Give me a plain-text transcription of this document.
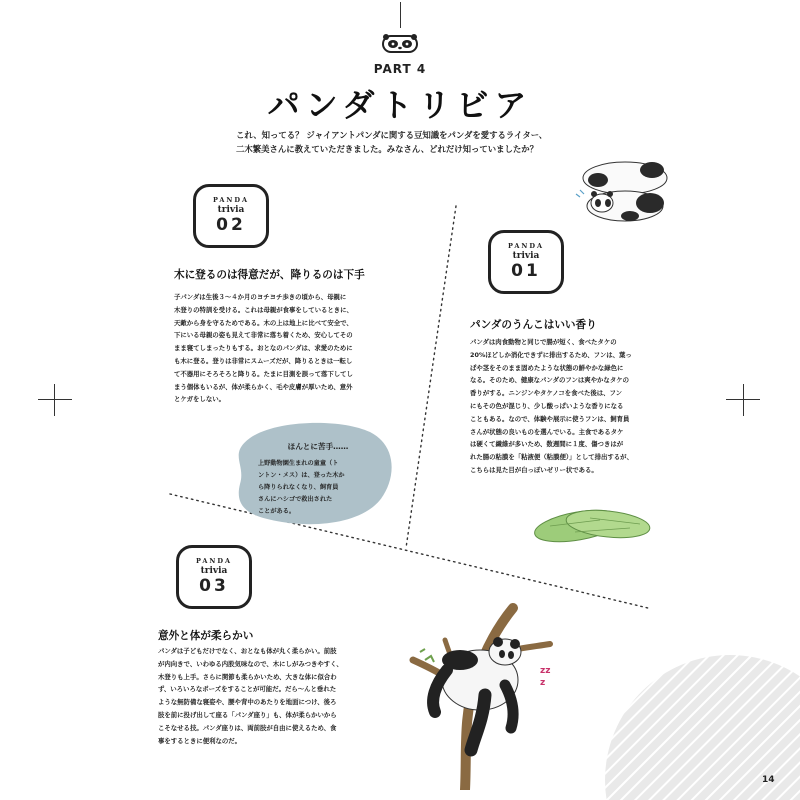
PART 4
パンダトリビア
これ、知ってる？ ジャイアントパンダに関する豆知識をパンダを愛するライター、
二木繁美さんに教えていただきました。みなさん、どれだけ知っていましたか？
PANDA
trivia
02
木に登るのは得意だが、降りるのは下手
子パンダは生後３～４か月のヨチヨチ歩きの頃から、母親に
木登りの特訓を受ける。これは母親が食事をしているときに、
天敵から身を守るためである。木の上は地上に比べて安全で、
下にいる母親の姿も見えて非常に落ち着くため、安心してその
まま寝てしまったりもする。おとなのパンダは、求愛のために
も木に登る。登りは非常にスムーズだが、降りるときは一転し
て不器用にそろそろと降りる。たまに目測を誤って落下してし
まう個体もいるが、体が柔らかく、毛や皮膚が厚いため、意外
とケガをしない。
ほんとに苦手……
上野動物園生まれの童童（ト
ントン・メス）は、登った木か
ら降りられなくなり、飼育員
さんにハシゴで救出された
ことがある。
PANDA
trivia
01
パンダのうんこはいい香り
パンダは肉食動物と同じで腸が短く、食べたタケの
20%ほどしか消化できずに排出するため、フンは、葉っ
ぱや茎をそのまま固めたような状態の鮮やかな緑色に
なる。そのため、健康なパンダのフンは爽やかなタケの
香りがする。ニンジンやタケノコを食べた後は、フン
にもその色が混じり、少し酸っぱいような香りになる
こともある。なので、体験や展示に使うフンは、飼育員
さんが状態の良いものを選んでいる。主食であるタケ
は硬くて繊維が多いため、数週間に１度、傷つきはが
れた腸の粘膜を「粘液便（粘膜便）」として排出するが、
こちらは見た目が白っぽいゼリー状である。
PANDA
trivia
03
意外と体が柔らかい
パンダは子どもだけでなく、おとなも体が丸く柔らかい。前肢
が内向きで、いわゆる内股気味なので、木にしがみつきやすく、
木登りも上手。さらに関節も柔らかいため、大きな体に似合わ
ず、いろいろなポーズをすることが可能だ。だら～んと垂れた
ような無防備な寝姿や、腰や背中のあたりを地面につけ、後ろ
肢を前に投げ出して座る「パンダ座り」も、体が柔らかいから
こそなせる技。パンダ座りは、両前肢が自由に使えるため、食
事をするときに便利なのだ。
zzz
14
